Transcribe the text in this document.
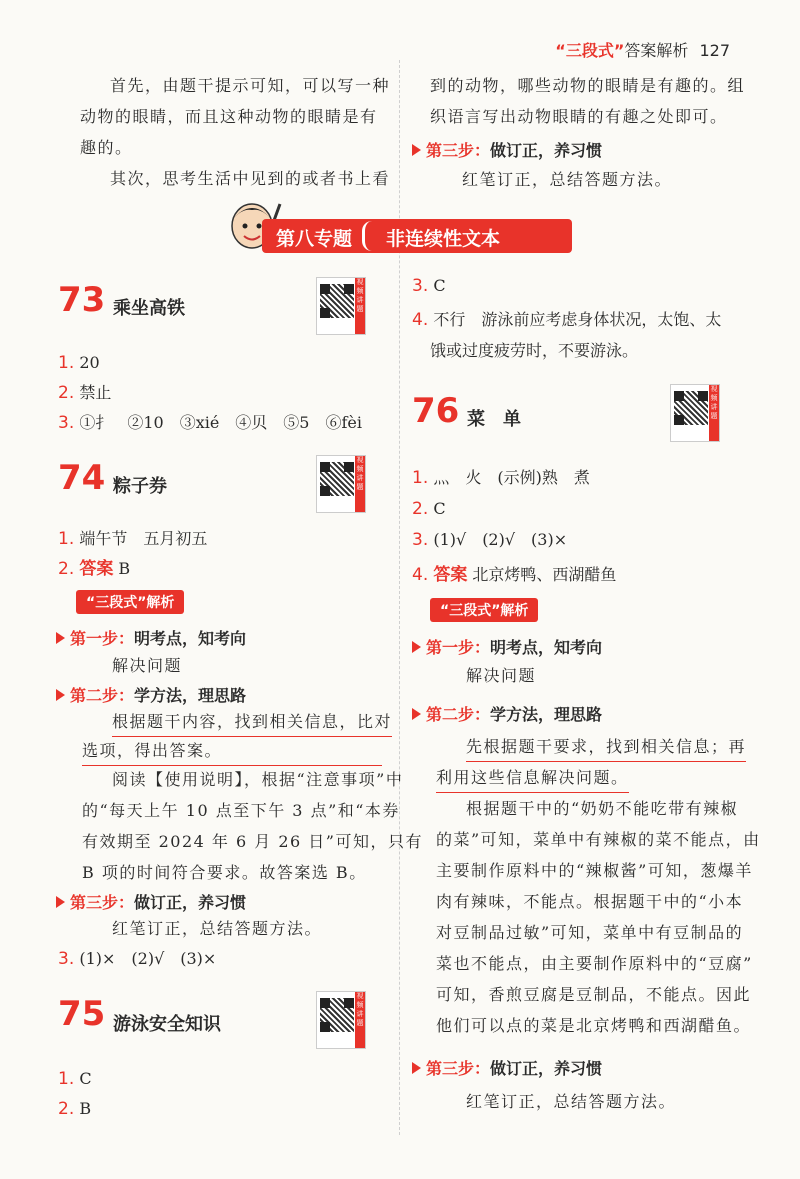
“三段式”答案解析 127
首先，由题干提示可知，可以写一种
动物的眼睛，而且这种动物的眼睛是有
趣的。
其次，思考生活中见到的或者书上看
到的动物，哪些动物的眼睛是有趣的。组
织语言写出动物眼睛的有趣之处即可。
第三步：做订正，养习惯
红笔订正，总结答题方法。
第八专题 非连续性文本
73 乘坐高铁
视频讲题
1. 20
2. 禁止
3. ①扌　②10　③xié　④贝　⑤5　⑥fèi
74 粽子券
视频讲题
1. 端午节　五月初五
2. 答案 B
“三段式”解析
第一步：明考点，知考向
解决问题
第二步：学方法，理思路
根据题干内容，找到相关信息，比对
选项，得出答案。
阅读【使用说明】，根据“注意事项”中
的“每天上午 10 点至下午 3 点”和“本券
有效期至 2024 年 6 月 26 日”可知，只有
B 项的时间符合要求。故答案选 B。
第三步：做订正，养习惯
红笔订正，总结答题方法。
3. (1)×　(2)√　(3)×
75 游泳安全知识
视频讲题
1. C
2. B
3. C
4. 不行　游泳前应考虑身体状况，太饱、太
饿或过度疲劳时，不要游泳。
76 菜　单
视频讲题
1. 灬　火　(示例)熟　煮
2. C
3. (1)√　(2)√　(3)×
4. 答案 北京烤鸭、西湖醋鱼
“三段式”解析
第一步：明考点，知考向
解决问题
第二步：学方法，理思路
先根据题干要求，找到相关信息；再
利用这些信息解决问题。
根据题干中的“奶奶不能吃带有辣椒
的菜”可知，菜单中有辣椒的菜不能点，由
主要制作原料中的“辣椒酱”可知，葱爆羊
肉有辣味，不能点。根据题干中的“小本
对豆制品过敏”可知，菜单中有豆制品的
菜也不能点，由主要制作原料中的“豆腐”
可知，香煎豆腐是豆制品，不能点。因此
他们可以点的菜是北京烤鸭和西湖醋鱼。
第三步：做订正，养习惯
红笔订正，总结答题方法。
